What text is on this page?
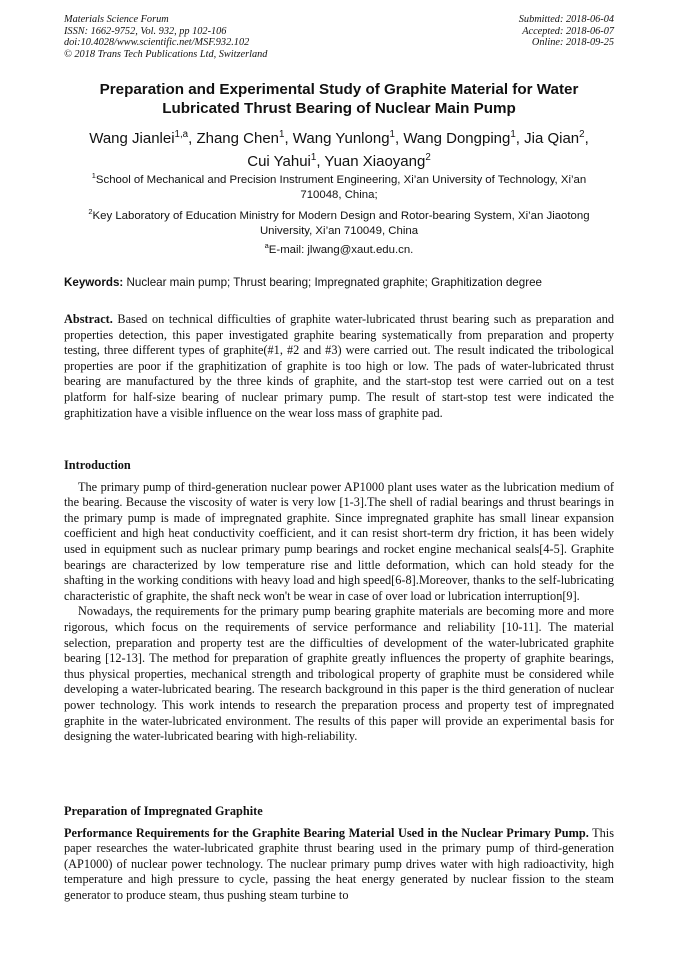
Materials Science Forum
ISSN: 1662-9752, Vol. 932, pp 102-106
doi:10.4028/www.scientific.net/MSF.932.102
© 2018 Trans Tech Publications Ltd, Switzerland
Submitted: 2018-06-04
Accepted: 2018-06-07
Online: 2018-09-25
Preparation and Experimental Study of Graphite Material for Water Lubricated Thrust Bearing of Nuclear Main Pump
Wang Jianlei$^{1,a}$, Zhang Chen$^1$, Wang Yunlong$^1$, Wang Dongping$^1$, Jia Qian$^2$,
Cui Yahui$^1$, Yuan Xiaoyang$^2$
$^1$School of Mechanical and Precision Instrument Engineering, Xi’an University of Technology, Xi’an 710048, China;
$^2$Key Laboratory of Education Ministry for Modern Design and Rotor-bearing System, Xi’an Jiaotong University, Xi’an 710049, China
$^a$E-mail: jlwang@xaut.edu.cn.
Keywords: Nuclear main pump; Thrust bearing; Impregnated graphite; Graphitization degree

Abstract. Based on technical difficulties of graphite water-lubricated thrust bearing such as preparation and properties detection, this paper investigated graphite bearing systematically from preparation and property testing, three different types of graphite(#1, #2 and #3) were carried out. The result indicated the tribological properties are poor if the graphitization of graphite is too high or low. The pads of water-lubricated thrust bearing are manufactured by the three kinds of graphite, and the start-stop test were carried out on a test platform for half-size bearing of nuclear primary pump. The result of start-stop test were indicated the graphitization have a visible influence on the wear loss mass of graphite pad.

Introduction

The primary pump of third-generation nuclear power AP1000 plant uses water as the lubrication medium of the bearing. Because the viscosity of water is very low [1-3].The shell of radial bearings and thrust bearings in the primary pump is made of impregnated graphite. Since impregnated graphite has small linear expansion coefficient and high heat conductivity coefficient, and it can resist short-term dry friction, it has been widely used in equipment such as nuclear primary pump bearings and rocket engine mechanical seals[4-5]. Graphite bearings are characterized by low temperature rise and little deformation, which can hold steady for the shafting in the working conditions with heavy load and high speed[6-8].Moreover, thanks to the self-lubricating characteristic of graphite, the shaft neck won't be wear in case of over load or lubrication interruption[9].

Nowadays, the requirements for the primary pump bearing graphite materials are becoming more and more rigorous, which focus on the requirements of service performance and reliability [10-11]. The material selection, preparation and property test are the difficulties of development of the water-lubricated graphite bearing [12-13]. The method for preparation of graphite greatly influences the property of graphite bearings, thus physical properties, mechanical strength and tribological property of graphite must be considered while developing a water-lubricated bearing. The research background in this paper is the third generation of nuclear power technology. This work intends to research the preparation process and property test of impregnated graphite in the water-lubricated environment. The results of this paper will provide an experimental basis for designing the water-lubricated bearing with high-reliability.

Preparation of Impregnated Graphite

Performance Requirements for the Graphite Bearing Material Used in the Nuclear Primary Pump. This paper researches the water-lubricated graphite thrust bearing used in the primary pump of third-generation (AP1000) of nuclear power technology. The nuclear primary pump drives water with high radioactivity, high temperature and high pressure to cycle, passing the heat energy generated by nuclear fission to the steam generator to produce steam, thus pushing steam turbine to
